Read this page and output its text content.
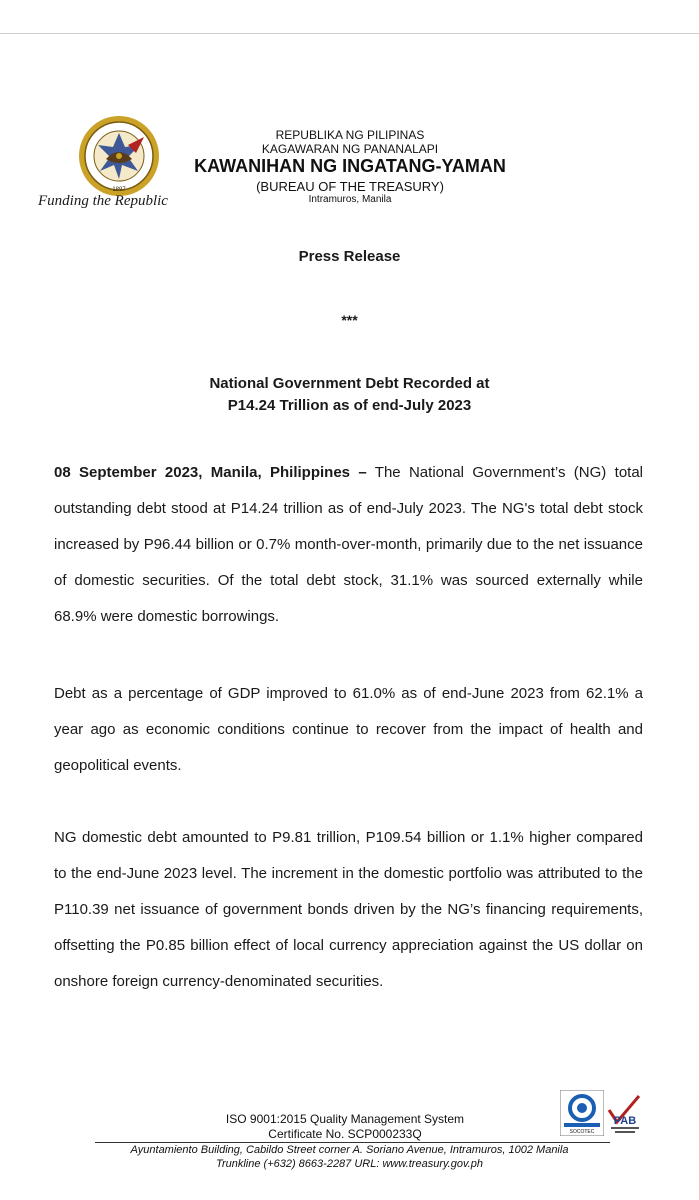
1897
Funding the Republic
REPUBLIKA NG PILIPINAS
KAGAWARAN NG PANANALAPI
KAWANIHAN NG INGATANG-YAMAN
(BUREAU OF THE TREASURY)
Intramuros, Manila
Press Release
***
National Government Debt Recorded at
P14.24 Trillion as of end-July 2023
08 September 2023, Manila, Philippines – The National Government’s (NG) total outstanding debt stood at P14.24 trillion as of end-July 2023. The NG's total debt stock increased by P96.44 billion or 0.7% month-over-month, primarily due to the net issuance of domestic securities. Of the total debt stock, 31.1% was sourced externally while 68.9% were domestic borrowings.
Debt as a percentage of GDP improved to 61.0% as of end-June 2023 from 62.1% a year ago as economic conditions continue to recover from the impact of health and geopolitical events.
NG domestic debt amounted to P9.81 trillion, P109.54 billion or 1.1% higher compared to the end-June 2023 level. The increment in the domestic portfolio was attributed to the P110.39 net issuance of government bonds driven by the NG’s financing requirements, offsetting the P0.85 billion effect of local currency appreciation against the US dollar on onshore foreign currency-denominated securities.
SOCOTEC
PAB
ISO 9001:2015 Quality Management System
Certificate No. SCP000233Q
Ayuntamiento Building, Cabildo Street corner A. Soriano Avenue, Intramuros, 1002 Manila
Trunkline (+632) 8663-2287 URL: www.treasury.gov.ph
